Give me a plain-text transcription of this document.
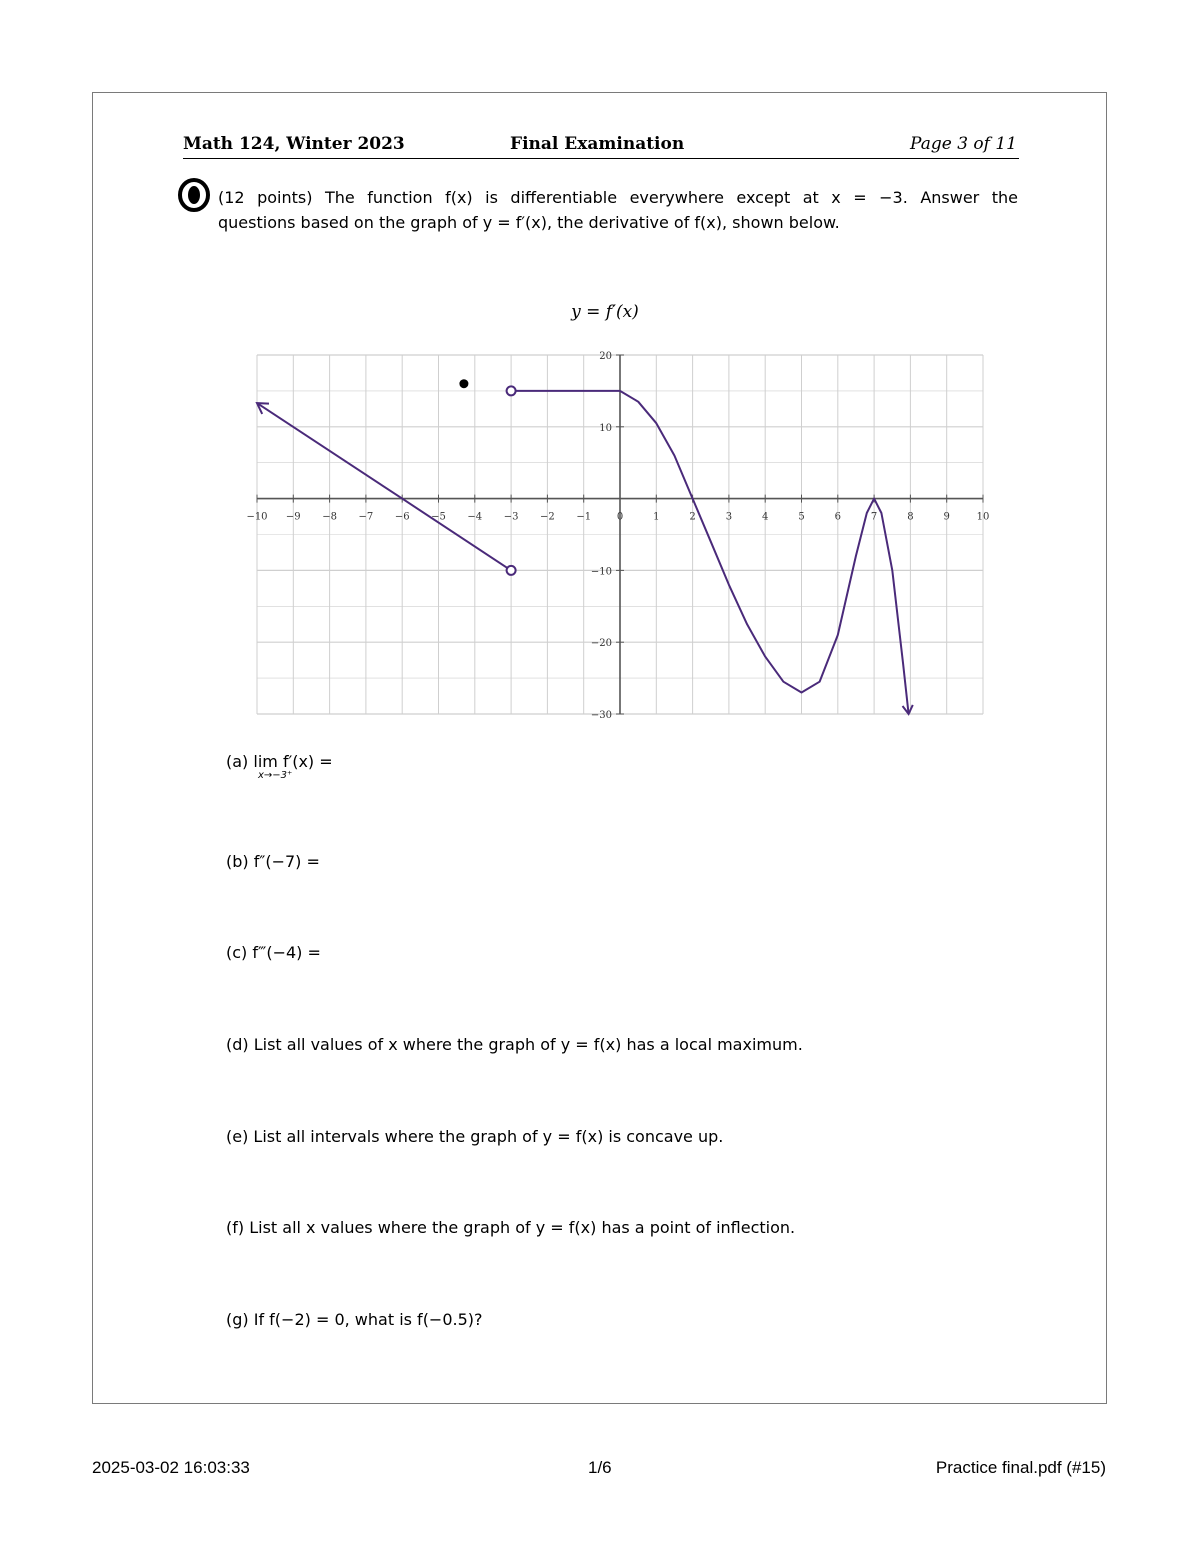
Math 124, Winter 2023	Final Examination	Page 3 of 11
(12 points) The function f(x) is differentiable everywhere except at x = −3. Answer the
questions based on the graph of y = f′(x), the derivative of f(x), shown below.
y = f′(x)
−10 −9 −8 −7 −6 −5 −4 −3 −2 −1	0	1	2	3	4	5	6	7	8	9	10
20
10
−10
−20
−30
(a) lim f′(x) =
x→−3⁺
(b) f″(−7) =
(c) f‴(−4) =
(d) List all values of x where the graph of y = f(x) has a local maximum.
(e) List all intervals where the graph of y = f(x) is concave up.
(f) List all x values where the graph of y = f(x) has a point of inflection.
(g) If f(−2) = 0, what is f(−0.5)?
2025-03-02 16:03:33	1/6	Practice final.pdf (#15)
